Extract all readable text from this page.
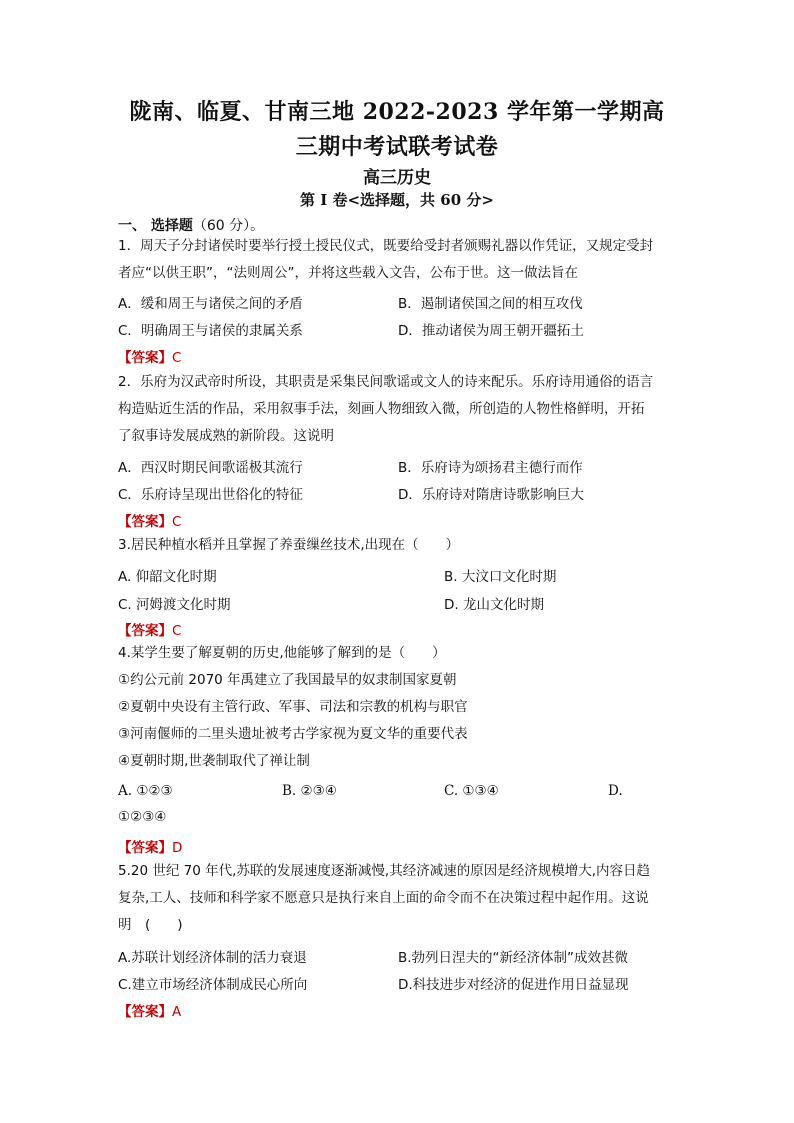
陇南、临夏、甘南三地 2022-2023 学年第一学期高
三期中考试联考试卷
高三历史
第 I 卷<选择题，共 60 分>
一、 选择题（60 分）。
1．周天子分封诸侯时要举行授土授民仪式，既要给受封者颁赐礼器以作凭证，又规定受封
者应“以供王职”，“法则周公”，并将这些载入文告，公布于世。这一做法旨在
A．缓和周王与诸侯之间的矛盾	B．遏制诸侯国之间的相互攻伐
C．明确周王与诸侯的隶属关系	D．推动诸侯为周王朝开疆拓土
【答案】C
2．乐府为汉武帝时所设，其职责是采集民间歌谣或文人的诗来配乐。乐府诗用通俗的语言
构造贴近生活的作品，采用叙事手法，刻画人物细致入微，所创造的人物性格鲜明，开拓
了叙事诗发展成熟的新阶段。这说明
A．西汉时期民间歌谣极其流行	B．乐府诗为颂扬君主德行而作
C．乐府诗呈现出世俗化的特征	D．乐府诗对隋唐诗歌影响巨大
【答案】C
3.居民种植水稻并且掌握了养蚕缫丝技术,出现在（　　）
A. 仰韶文化时期	B. 大汶口文化时期
C. 河姆渡文化时期	D. 龙山文化时期
【答案】C
4.某学生要了解夏朝的历史,他能够了解到的是（　　）
①约公元前 2070 年禹建立了我国最早的奴隶制国家夏朝
②夏朝中央设有主管行政、军事、司法和宗教的机构与职官
③河南偃师的二里头遗址被考古学家视为夏文华的重要代表
④夏朝时期,世袭制取代了禅让制
A. ①②③	B. ②③④	C. ①③④	D.
①②③④
【答案】D
5.20 世纪 70 年代,苏联的发展速度逐渐减慢,其经济减速的原因是经济规模增大,内容日趋
复杂,工人、技师和科学家不愿意只是执行来自上面的命令而不在决策过程中起作用。这说
明　(　　)
A.苏联计划经济体制的活力衰退	B.勃列日涅夫的“新经济体制”成效甚微
C.建立市场经济体制成民心所向	D.科技进步对经济的促进作用日益显现
【答案】A
